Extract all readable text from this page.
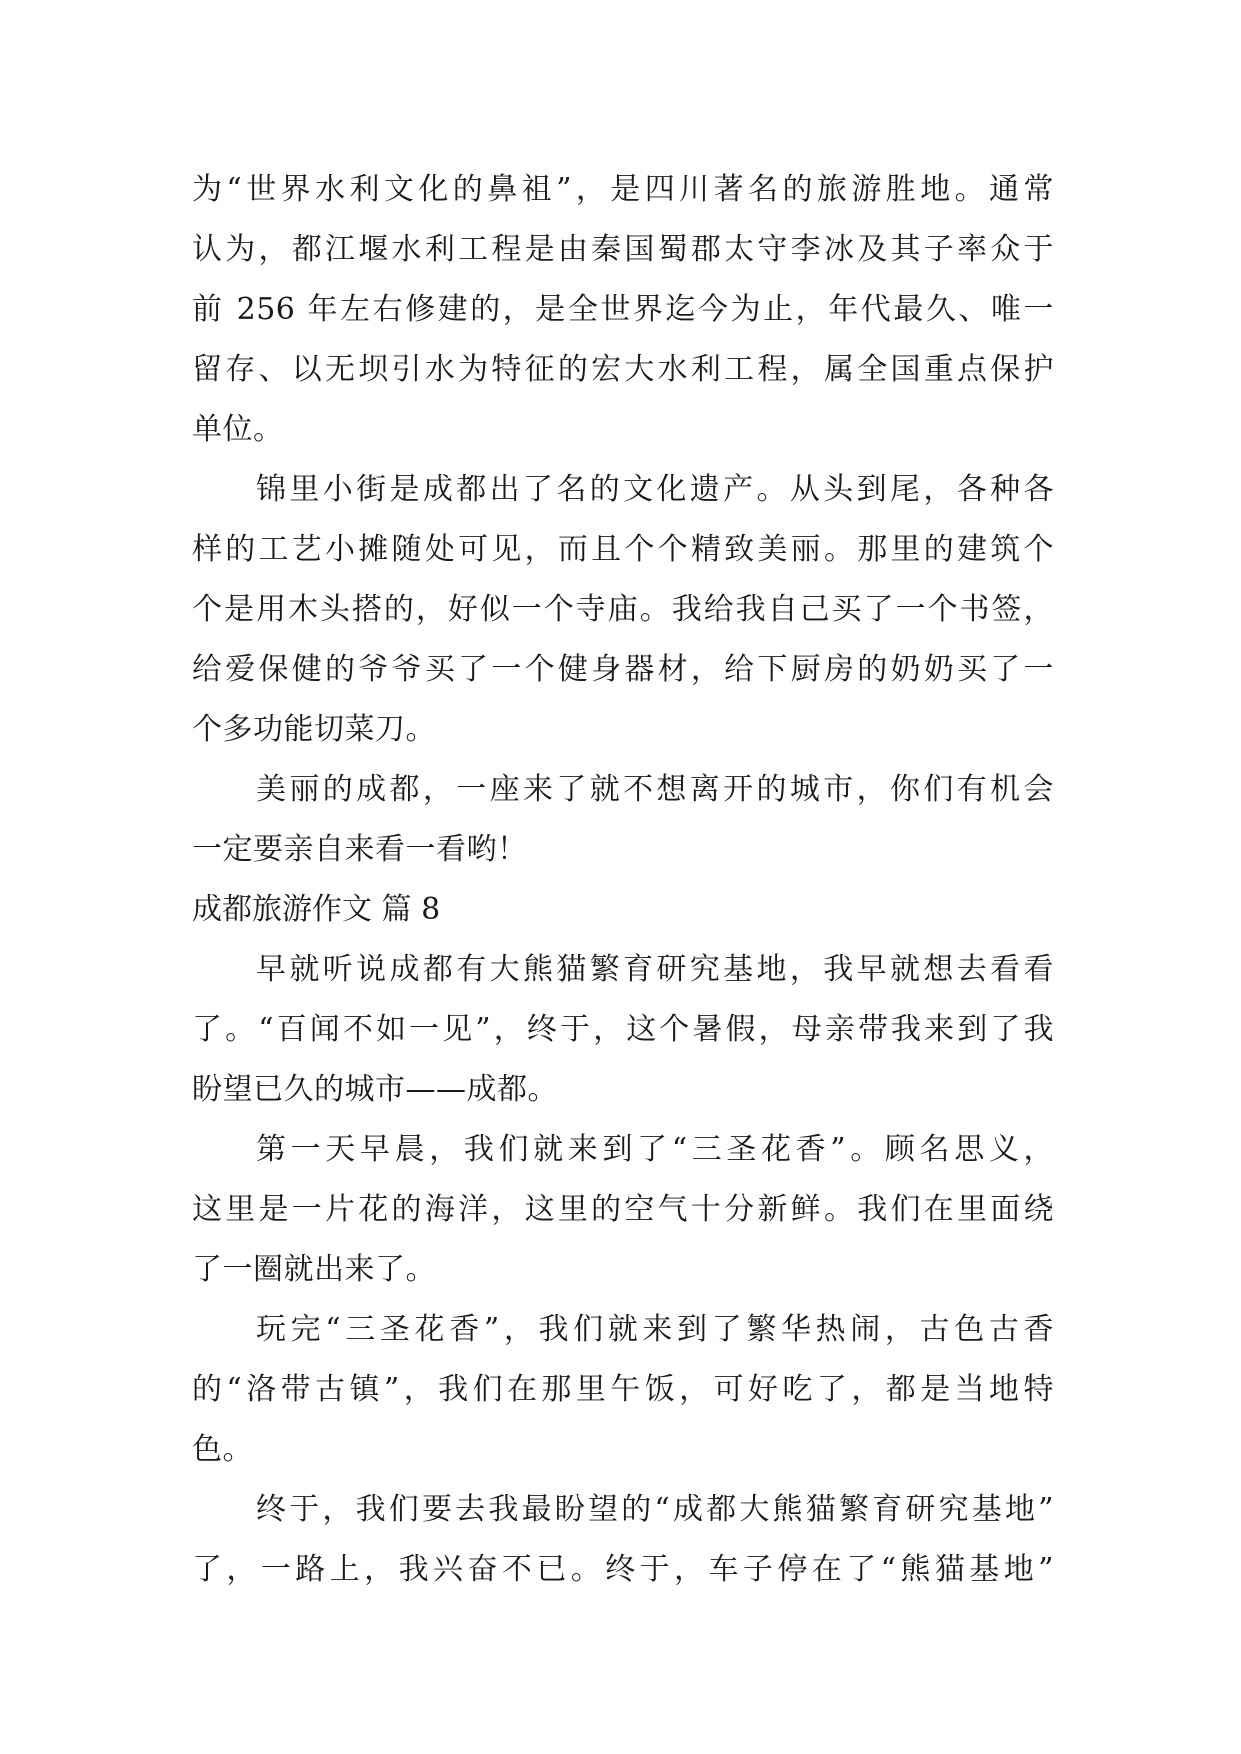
为“世界水利文化的鼻祖”，是四川著名的旅游胜地。通常
认为，都江堰水利工程是由秦国蜀郡太守李冰及其子率众于
前 256 年左右修建的，是全世界迄今为止，年代最久、唯一
留存、以无坝引水为特征的宏大水利工程，属全国重点保护
单位。
锦里小街是成都出了名的文化遗产。从头到尾，各种各
样的工艺小摊随处可见，而且个个精致美丽。那里的建筑个
个是用木头搭的，好似一个寺庙。我给我自己买了一个书签，
给爱保健的爷爷买了一个健身器材，给下厨房的奶奶买了一
个多功能切菜刀。
美丽的成都，一座来了就不想离开的城市，你们有机会
一定要亲自来看一看哟！
成都旅游作文 篇 8
早就听说成都有大熊猫繁育研究基地，我早就想去看看
了。“百闻不如一见”，终于，这个暑假，母亲带我来到了我
盼望已久的城市——成都。
第一天早晨，我们就来到了“三圣花香”。顾名思义，
这里是一片花的海洋，这里的空气十分新鲜。我们在里面绕
了一圈就出来了。
玩完“三圣花香”，我们就来到了繁华热闹，古色古香
的“洛带古镇”，我们在那里午饭，可好吃了，都是当地特
色。
终于，我们要去我最盼望的“成都大熊猫繁育研究基地”
了，一路上，我兴奋不已。终于，车子停在了“熊猫基地”
